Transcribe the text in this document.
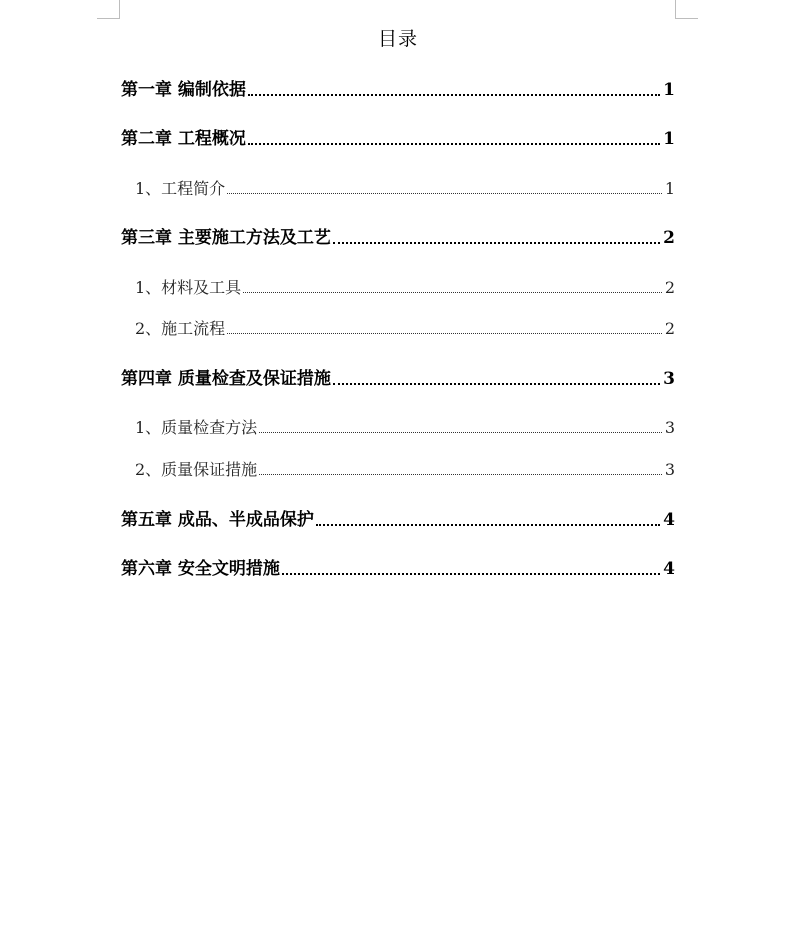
目录
第一章 编制依据	1
第二章 工程概况	1
1、工程简介	1
第三章 主要施工方法及工艺	2
1、材料及工具	2
2、施工流程	2
第四章 质量检查及保证措施	3
1、质量检查方法	3
2、质量保证措施	3
第五章 成品、半成品保护	4
第六章 安全文明措施	4
